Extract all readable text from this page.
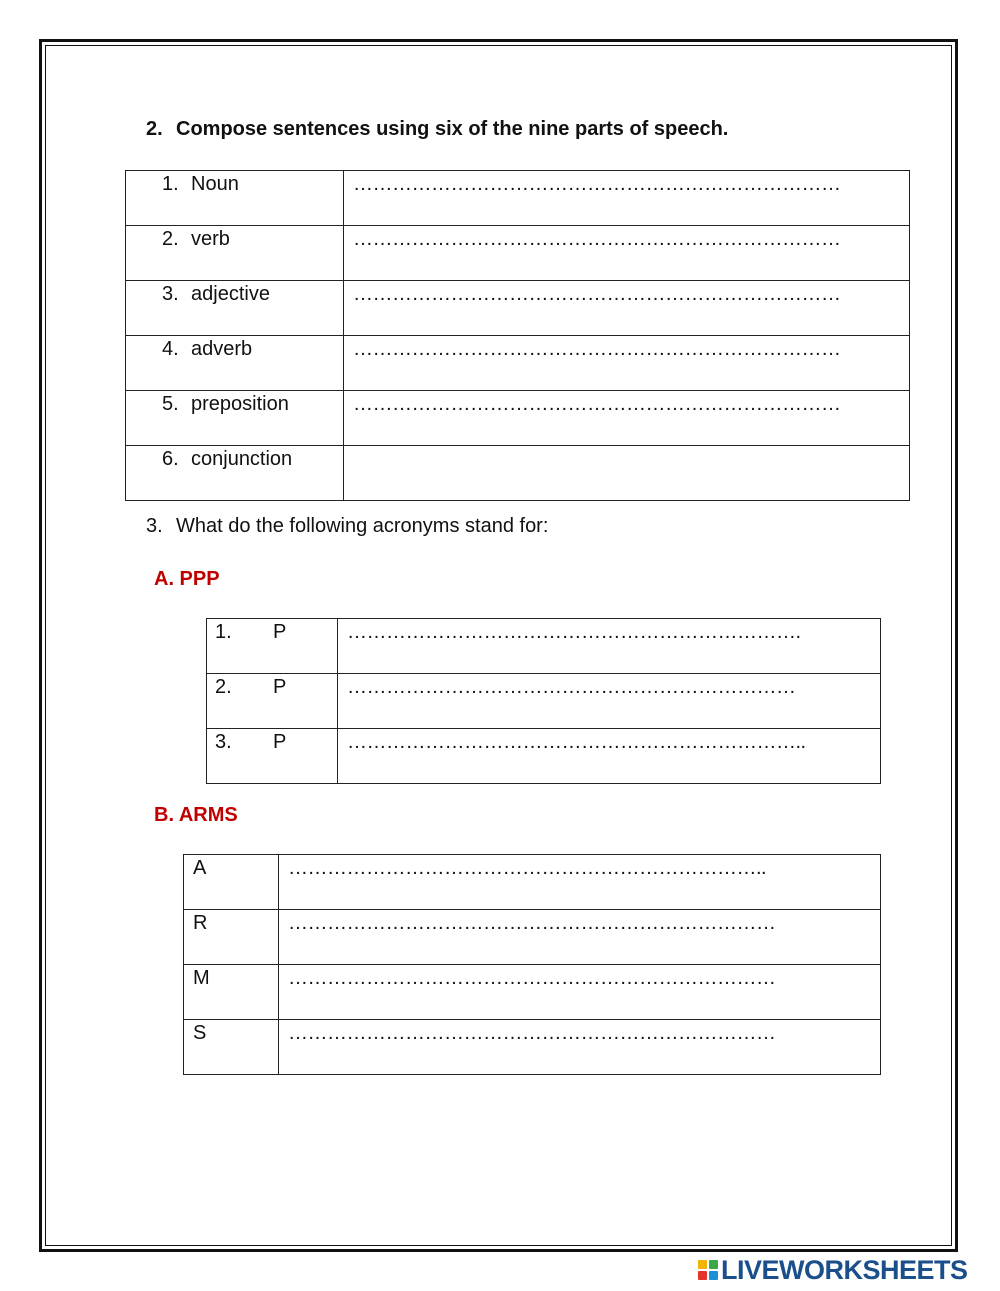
2. Compose sentences using six of the nine parts of speech.
1. Noun	…………………………………………………………………
2. verb	…………………………………………………………………
3. adjective	…………………………………………………………………
4. adverb	…………………………………………………………………
5. preposition	…………………………………………………………………
6. conjunction	
3. What do the following acronyms stand for:
A. PPP
1. P	…………………………………………………………….
2. P	……………………………………………………………
3. P	……………………………………………………………..
B. ARMS
A	………………………………………………………………..
R	…………………………………………………………………
M	…………………………………………………………………
S	…………………………………………………………………
LIVEWORKSHEETS
